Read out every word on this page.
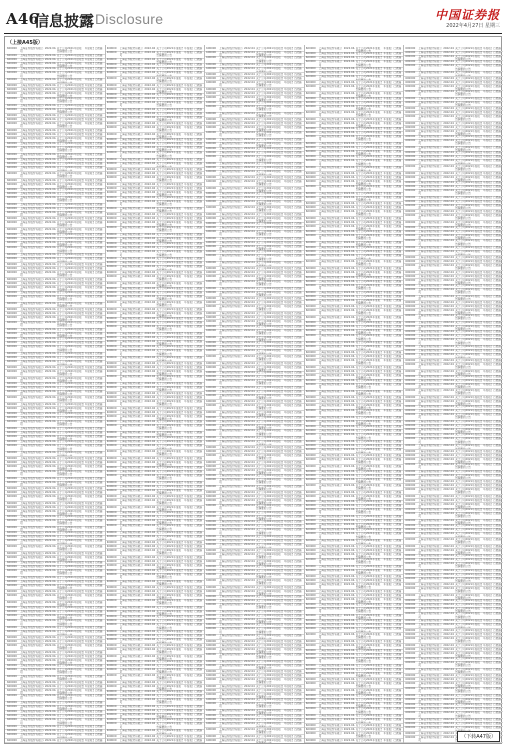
A46
信息披露 Disclosure	中国证券报
2022年4月27日 星期三
（上接A45版）
600000	上海证券股份有限公司
2022.04 关于公司2021年度报告摘要的公告
年度报 已披露
600000	上海证券股份有限公司
2022.04 关于公司2021年度报告 年度报 已披露
600000	上海证券股份有限公司
2022.04 关于公司2021年度报告 年度报 已披露
600000	上海证券股份有限公司
2022.04 关于公司2021年度报告摘要的公告
年度报 已披露
600000	上海证券股份有限公司
2022.04 关于公司2021年度报告 年度报 已披露
600000	上海证券股份有限公司
2022.04 关于公司2021年度报告摘要的公告
年度报 已披露
600000	上海证券股份有限公司
2022.04 关于公司2021年度报告摘要的公告
年度报 已披露
600000	上海证券股份有限公司
2022.04 关于公司2021年度报告 年度报 已披露
600000	上海证券股份有限公司
2022.04 关于公司2021年度报告 年度报 已披露
600000	上海证券股份有限公司
2022.04 关于公司2021年度报告摘要的公告
年度报 已披露
600000	上海证券股份有限公司
2022.04 关于公司2021年度报告摘要的公告
年度报 已披露
600000	上海证券股份有限公司
2022.04 关于公司2021年度报告 年度报 已披露
600000	上海证券股份有限公司
2022.04 关于公司2021年度报告摘要的公告
年度报 已披露
600000	上海证券股份有限公司
2022.04 关于公司2021年度报告 年度报 已披露
600000	上海证券股份有限公司
2022.04 关于公司2021年度报告 年度报 已披露
600000	上海证券股份有限公司
2022.04 关于公司2021年度报告摘要的公告
年度报 已披露
600000	上海证券股份有限公司
2022.04 关于公司2021年度报告 年度报 已披露
600000	上海证券股份有限公司
2022.04 关于公司2021年度报告 年度报 已披露
600000	上海证券股份有限公司
2022.04 关于公司2021年度报告摘要的公告
年度报 已披露
600000	上海证券股份有限公司
2022.04 关于公司2021年度报告 年度报 已披露
600000	上海证券股份有限公司
2022.04 关于公司2021年度报告摘要的公告
年度报 已披露
600000	上海证券股份有限公司
2022.04 关于公司2021年度报告摘要的公告
年度报 已披露
600000	上海证券股份有限公司
2022.04 关于公司2021年度报告 年度报 已披露
600000	上海证券股份有限公司
2022.04 关于公司2021年度报告 年度报 已披露
600000	上海证券股份有限公司
2022.04 关于公司2021年度报告摘要的公告
年度报 已披露
600000	上海证券股份有限公司
2022.04 关于公司2021年度报告摘要的公告
年度报 已披露
600000	上海证券股份有限公司
2022.04 关于公司2021年度报告 年度报 已披露
600000	上海证券股份有限公司
2022.04 关于公司2021年度报告摘要的公告
年度报 已披露
600000	上海证券股份有限公司
2022.04 关于公司2021年度报告 年度报 已披露
600000	上海证券股份有限公司
2022.04 关于公司2021年度报告 年度报 已披露
600000	上海证券股份有限公司
2022.04 关于公司2021年度报告摘要的公告
年度报 已披露
600000	上海证券股份有限公司
2022.04 关于公司2021年度报告 年度报 已披露
600000	上海证券股份有限公司
2022.04 关于公司2021年度报告 年度报 已披露
600000	上海证券股份有限公司
2022.04 关于公司2021年度报告摘要的公告
年度报 已披露
600000	上海证券股份有限公司
2022.04 关于公司2021年度报告 年度报 已披露
600000	上海证券股份有限公司
2022.04 关于公司2021年度报告摘要的公告
年度报 已披露
600000	上海证券股份有限公司
2022.04 关于公司2021年度报告摘要的公告
年度报 已披露
600000	上海证券股份有限公司
2022.04 关于公司2021年度报告 年度报 已披露
600000	上海证券股份有限公司
2022.04 关于公司2021年度报告 年度报 已披露
600000	上海证券股份有限公司
2022.04 关于公司2021年度报告摘要的公告
年度报 已披露
600000	上海证券股份有限公司
2022.04 关于公司2021年度报告摘要的公告
年度报 已披露
600000	上海证券股份有限公司
2022.04 关于公司2021年度报告 年度报 已披露
600000	上海证券股份有限公司
2022.04 关于公司2021年度报告摘要的公告
年度报 已披露
600000	上海证券股份有限公司
2022.04 关于公司2021年度报告 年度报 已披露
600000	上海证券股份有限公司
2022.04 关于公司2021年度报告 年度报 已披露
600000	上海证券股份有限公司
2022.04 关于公司2021年度报告摘要的公告
年度报 已披露
600000	上海证券股份有限公司
2022.04 关于公司2021年度报告 年度报 已披露
600000	上海证券股份有限公司
2022.04 关于公司2021年度报告 年度报 已披露
600000	上海证券股份有限公司
2022.04 关于公司2021年度报告摘要的公告
年度报 已披露
600000	上海证券股份有限公司
2022.04 关于公司2021年度报告 年度报 已披露
600000	上海证券股份有限公司
2022.04 关于公司2021年度报告摘要的公告
年度报 已披露
600000	上海证券股份有限公司
2022.04 关于公司2021年度报告摘要的公告
年度报 已披露
600000	上海证券股份有限公司
2022.04 关于公司2021年度报告 年度报 已披露
600000	上海证券股份有限公司
2022.04 关于公司2021年度报告 年度报 已披露
600000	上海证券股份有限公司
2022.04 关于公司2021年度报告摘要的公告
年度报 已披露
600000	上海证券股份有限公司
2022.04 关于公司2021年度报告摘要的公告
年度报 已披露
600000	上海证券股份有限公司
2022.04 关于公司2021年度报告 年度报 已披露
600000	上海证券股份有限公司
2022.04 关于公司2021年度报告摘要的公告
年度报 已披露
600000	上海证券股份有限公司
2022.04 关于公司2021年度报告 年度报 已披露
600000	上海证券股份有限公司
2022.04 关于公司2021年度报告 年度报 已披露
600000	上海证券股份有限公司
2022.04 关于公司2021年度报告摘要的公告
年度报 已披露
600000	上海证券股份有限公司
2022.04 关于公司2021年度报告 年度报 已披露
600000	上海证券股份有限公司
2022.04 关于公司2021年度报告 年度报 已披露
600000	上海证券股份有限公司
2022.04 关于公司2021年度报告摘要的公告
年度报 已披露
600000	上海证券股份有限公司
2022.04 关于公司2021年度报告 年度报 已披露
600000	上海证券股份有限公司
2022.04 关于公司2021年度报告摘要的公告
年度报 已披露
600000	上海证券股份有限公司
2022.04 关于公司2021年度报告摘要的公告
年度报 已披露
600000	上海证券股份有限公司
2022.04 关于公司2021年度报告 年度报 已披露
600000	上海证券股份有限公司
2022.04 关于公司2021年度报告 年度报 已披露
600000	上海证券股份有限公司
2022.04 关于公司2021年度报告摘要的公告
年度报 已披露
600000	上海证券股份有限公司
2022.04 关于公司2021年度报告摘要的公告
年度报 已披露
600000	上海证券股份有限公司
2022.04 关于公司2021年度报告 年度报 已披露
600000	上海证券股份有限公司
2022.04 关于公司2021年度报告摘要的公告
年度报 已披露
600000	上海证券股份有限公司
2022.04 关于公司2021年度报告 年度报 已披露
600000	上海证券股份有限公司
2022.04 关于公司2021年度报告 年度报 已披露
600000	上海证券股份有限公司
2022.04 关于公司2021年度报告摘要的公告
年度报 已披露
600000	上海证券股份有限公司
2022.04 关于公司2021年度报告 年度报 已披露
600000	上海证券股份有限公司
2022.04 关于公司2021年度报告 年度报 已披露
600000	上海证券股份有限公司
2022.04 关于公司2021年度报告摘要的公告
年度报 已披露
600000	上海证券股份有限公司
2022.04 关于公司2021年度报告 年度报 已披露
600000	上海证券股份有限公司
2022.04 关于公司2021年度报告摘要的公告
年度报 已披露
600000	上海证券股份有限公司
2022.04 关于公司2021年度报告摘要的公告
年度报 已披露
600000	上海证券股份有限公司
2022.04 关于公司2021年度报告 年度报 已披露
600000	上海证券股份有限公司
2022.04 关于公司2021年度报告 年度报 已披露
600000	上海证券股份有限公司
2022.04 关于公司2021年度报告摘要的公告
年度报 已披露
600000	上海证券股份有限公司
2022.04 关于公司2021年度报告摘要的公告
年度报 已披露
600000	上海证券股份有限公司
2022.04 关于公司2021年度报告 年度报 已披露
600000	上海证券股份有限公司
2022.04 关于公司2021年度报告摘要的公告
年度报 已披露
600000	上海证券股份有限公司
2022.04 关于公司2021年度报告 年度报 已披露
600000	上海证券股份有限公司
2022.04 关于公司2021年度报告 年度报 已披露
600000	上海证券股份有限公司
2022.04 关于公司2021年度报告摘要的公告
年度报 已披露
600000	上海证券股份有限公司
2022.04 关于公司2021年度报告 年度报 已披露
600000	上海证券股份有限公司
2022.04 关于公司2021年度报告 年度报 已披露
600000	上海证券股份有限公司
2022.04 关于公司2021年度报告摘要的公告
年度报 已披露
600000	上海证券股份有限公司
2022.04 关于公司2021年度报告 年度报 已披露
600000	上海证券股份有限公司
2022.04 关于公司2021年度报告摘要的公告
年度报 已披露
600000	上海证券股份有限公司
2022.04 关于公司2021年度报告摘要的公告
年度报 已披露
600000	上海证券股份有限公司
2022.04 关于公司2021年度报告 年度报 已披露
600000	上海证券股份有限公司
2022.04 关于公司2021年度报告 年度报 已披露
600000	上海证券股份有限公司
2022.04 关于公司2021年度报告摘要的公告
年度报 已披露
600000	上海证券股份有限公司
2022.04 关于公司2021年度报告摘要的公告
年度报 已披露
600000	上海证券股份有限公司
2022.04 关于公司2021年度报告 年度报 已披露
600000	上海证券股份有限公司
2022.04 关于公司2021年度报告摘要的公告
年度报 已披露
600000	上海证券股份有限公司
2022.04 关于公司2021年度报告 年度报 已披露
600000	上海证券股份有限公司
2022.04 关于公司2021年度报告 年度报 已披露
600000	上海证券股份有限公司
2022.04 关于公司2021年度报告摘要的公告
年度报 已披露
600000	上海证券股份有限公司
2022.04 关于公司2021年度报告 年度报 已披露
600000	上海证券股份有限公司
2022.04 关于公司2021年度报告 年度报 已披露
600000	上海证券股份有限公司
2022.04 关于公司2021年度报告摘要的公告
年度报 已披露
600000	上海证券股份有限公司
2022.04 关于公司2021年度报告 年度报 已披露
600000	上海证券股份有限公司
2022.04 关于公司2021年度报告摘要的公告
年度报 已披露
600000	上海证券股份有限公司
2022.04 关于公司2021年度报告摘要的公告
年度报 已披露
600000	上海证券股份有限公司
2022.04 关于公司2021年度报告 年度报 已披露
600000	上海证券股份有限公司
2022.04 关于公司2021年度报告 年度报 已披露
600000	上海证券股份有限公司
2022.04 关于公司2021年度报告摘要的公告
年度报 已披露
600000	上海证券股份有限公司
2022.04 关于公司2021年度报告摘要的公告
年度报 已披露
600000	上海证券股份有限公司
2022.04 关于公司2021年度报告 年度报 已披露
600000	上海证券股份有限公司
2022.04 关于公司2021年度报告摘要的公告
年度报 已披露
600000	上海证券股份有限公司
2022.04 关于公司2021年度报告 年度报 已披露
600000	上海证券股份有限公司
2022.04 关于公司2021年度报告 年度报 已披露
600000	上海证券股份有限公司
2022.04 关于公司2021年度报告摘要的公告
年度报 已披露
600000	上海证券股份有限公司
2022.04 关于公司2021年度报告 年度报 已披露
600000	上海证券股份有限公司
2022.04 关于公司2021年度报告 年度报 已披露
600000	上海证券股份有限公司
2022.04 关于公司2021年度报告摘要的公告
年度报 已披露
600000	上海证券股份有限公司
2022.04 关于公司2021年度报告 年度报 已披露
600000	上海证券股份有限公司
2022.04 关于公司2021年度报告摘要的公告
年度报 已披露
600000	上海证券股份有限公司
2022.04 关于公司2021年度报告摘要的公告
年度报 已披露
600000	上海证券股份有限公司
2022.04 关于公司2021年度报告 年度报 已披露
600000	上海证券股份有限公司
2022.04 关于公司2021年度报告 年度报 已披露
600000	上海证券股份有限公司
2022.04 关于公司2021年度报告摘要的公告
年度报 已披露
600000	上海证券股份有限公司
2022.04 关于公司2021年度报告摘要的公告
年度报 已披露
600000	上海证券股份有限公司
2022.04 关于公司2021年度报告 年度报 已披露
600000	上海证券股份有限公司
2022.04 关于公司2021年度报告摘要的公告
年度报 已披露
600000	上海证券股份有限公司
2022.04 关于公司2021年度报告 年度报 已披露
600000	上海证券股份有限公司
2022.04 关于公司2021年度报告 年度报 已披露
600000	上海证券股份有限公司
2022.04 关于公司2021年度报告摘要的公告
年度报 已披露
600000	上海证券股份有限公司
2022.04 关于公司2021年度报告 年度报 已披露
600000	上海证券股份有限公司
2022.04 关于公司2021年度报告 年度报 已披露
600000	上海证券股份有限公司
2022.04 关于公司2021年度报告摘要的公告
年度报 已披露
600000	上海证券股份有限公司
2022.04 关于公司2021年度报告 年度报 已披露
600000	上海证券股份有限公司
2022.04 关于公司2021年度报告 年度报 已披露
600000	上海证券股份有限公司
2022.04 关于公司2021年度报告摘要的公告
年度报 已披露
600000	上海证券股份有限公司
2022.04 关于公司2021年度报告摘要的公告
年度报 已披露
600000	上海证券股份有限公司
2022.04 关于公司2021年度报告 年度报 已披露
600000	上海证券股份有限公司
2022.04 关于公司2021年度报告 年度报 已披露
600000	上海证券股份有限公司
2022.04 关于公司2021年度报告摘要的公告
年度报 已披露
600000	上海证券股份有限公司
2022.04 关于公司2021年度报告摘要的公告
年度报 已披露
600000	上海证券股份有限公司
2022.04 关于公司2021年度报告 年度报 已披露
600000	上海证券股份有限公司
2022.04 关于公司2021年度报告摘要的公告
年度报 已披露
600000	上海证券股份有限公司
2022.04 关于公司2021年度报告 年度报 已披露
600000	上海证券股份有限公司
2022.04 关于公司2021年度报告 年度报 已披露
600000	上海证券股份有限公司
2022.04 关于公司2021年度报告摘要的公告
年度报 已披露
600000	上海证券股份有限公司
2022.04 关于公司2021年度报告 年度报 已披露
600000	上海证券股份有限公司
2022.04 关于公司2021年度报告 年度报 已披露
600000	上海证券股份有限公司
2022.04 关于公司2021年度报告摘要的公告
年度报 已披露
600000	上海证券股份有限公司
2022.04 关于公司2021年度报告 年度报 已披露
600000	上海证券股份有限公司
2022.04 关于公司2021年度报告摘要的公告
年度报 已披露
600000	上海证券股份有限公司
2022.04 关于公司2021年度报告摘要的公告
年度报 已披露
600000	上海证券股份有限公司
2022.04 关于公司2021年度报告 年度报 已披露
600000	上海证券股份有限公司
2022.04 关于公司2021年度报告 年度报 已披露
600000	上海证券股份有限公司
2022.04 关于公司2021年度报告摘要的公告
年度报 已披露
600000	上海证券股份有限公司
2022.04 关于公司2021年度报告摘要的公告
年度报 已披露
600000	上海证券股份有限公司
2022.04 关于公司2021年度报告 年度报 已披露
600000	上海证券股份有限公司
2022.04 关于公司2021年度报告摘要的公告
年度报 已披露
600000	上海证券股份有限公司
2022.04 关于公司2021年度报告 年度报 已披露
600000	上海证券股份有限公司
2022.04 关于公司2021年度报告 年度报 已披露
600000	上海证券股份有限公司
2022.04 关于公司2021年度报告摘要的公告
年度报 已披露
600000	上海证券股份有限公司
2022.04 关于公司2021年度报告 年度报 已披露
600000	上海证券股份有限公司
2022.04 关于公司2021年度报告 年度报 已披露
600000	上海证券股份有限公司
2022.04 关于公司2021年度报告摘要的公告
年度报 已披露
600000	上海证券股份有限公司
2022.04 关于公司2021年度报告 年度报 已披露
600000	上海证券股份有限公司
2022.04 关于公司2021年度报告摘要的公告
年度报 已披露
600000	上海证券股份有限公司
2022.04 关于公司2021年度报告摘要的公告
年度报 已披露
600000	上海证券股份有限公司
2022.04 关于公司2021年度报告 年度报 已披露
600000	上海证券股份有限公司
2022.04 关于公司2021年度报告 年度报 已披露
600000	上海证券股份有限公司
2022.04 关于公司2021年度报告摘要的公告
年度报 已披露
600000	上海证券股份有限公司
2022.04 关于公司2021年度报告摘要的公告
年度报 已披露
600000	上海证券股份有限公司
2022.04 关于公司2021年度报告 年度报 已披露
600000	上海证券股份有限公司
2022.04 关于公司2021年度报告摘要的公告
年度报 已披露
600000	上海证券股份有限公司
2022.04 关于公司2021年度报告 年度报 已披露
600000	上海证券股份有限公司
2022.04 关于公司2021年度报告 年度报 已披露
600000	上海证券股份有限公司
2022.04 关于公司2021年度报告摘要的公告
年度报 已披露
600000	上海证券股份有限公司
2022.04 关于公司2021年度报告 年度报 已披露
600000	上海证券股份有限公司
2022.04 关于公司2021年度报告 年度报 已披露
600000	上海证券股份有限公司
2022.04 关于公司2021年度报告摘要的公告
年度报 已披露
600000	上海证券股份有限公司
2022.04 关于公司2021年度报告 年度报 已披露
600000	上海证券股份有限公司
2022.04 关于公司2021年度报告摘要的公告
年度报 已披露
600000	上海证券股份有限公司
2022.04 关于公司2021年度报告摘要的公告
年度报 已披露
600000	上海证券股份有限公司
2022.04 关于公司2021年度报告 年度报 已披露
600000	上海证券股份有限公司
2022.04 关于公司2021年度报告 年度报 已披露
600000	上海证券股份有限公司
2022.04 关于公司2021年度报告摘要的公告
年度报 已披露
600000	上海证券股份有限公司
2022.04 关于公司2021年度报告摘要的公告
年度报 已披露
600000	上海证券股份有限公司
2022.04 关于公司2021年度报告 年度报 已披露
600000	上海证券股份有限公司
2022.04 关于公司2021年度报告摘要的公告
年度报 已披露
600000	上海证券股份有限公司
2022.04 关于公司2021年度报告 年度报 已披露
600000	上海证券股份有限公司
2022.04 关于公司2021年度报告 年度报 已披露
600000	上海证券股份有限公司
2022.04 关于公司2021年度报告摘要的公告
年度报 已披露
600000	上海证券股份有限公司
2022.04 关于公司2021年度报告 年度报 已披露
600000	上海证券股份有限公司
2022.04 关于公司2021年度报告 年度报 已披露
600000	上海证券股份有限公司
2022.04 关于公司2021年度报告摘要的公告
年度报 已披露
600000	上海证券股份有限公司
2022.04 关于公司2021年度报告 年度报 已披露
600000	上海证券股份有限公司
2022.04 关于公司2021年度报告摘要的公告
年度报 已披露
600000	上海证券股份有限公司
2022.04 关于公司2021年度报告摘要的公告
年度报 已披露
600000	上海证券股份有限公司
2022.04 关于公司2021年度报告 年度报 已披露
600000	上海证券股份有限公司
2022.04 关于公司2021年度报告 年度报 已披露
600000	上海证券股份有限公司
2022.04 关于公司2021年度报告摘要的公告
年度报 已披露
600000	上海证券股份有限公司
2022.04 关于公司2021年度报告摘要的公告
年度报 已披露
600000	上海证券股份有限公司
2022.04 关于公司2021年度报告 年度报 已披露
600000	上海证券股份有限公司
2022.04 关于公司2021年度报告摘要的公告
年度报 已披露
600000	上海证券股份有限公司
2022.04 关于公司2021年度报告 年度报 已披露
600000	上海证券股份有限公司
2022.04 关于公司2021年度报告 年度报 已披露
600000	上海证券股份有限公司
2022.04 关于公司2021年度报告摘要的公告
年度报 已披露
600000	上海证券股份有限公司
2022.04 关于公司2021年度报告 年度报 已披露
600000	上海证券股份有限公司
2022.04 关于公司2021年度报告 年度报 已披露
600000	上海证券股份有限公司
2022.04 关于公司2021年度报告摘要的公告
年度报 已披露
600000	上海证券股份有限公司
2022.04 关于公司2021年度报告 年度报 已披露
600000	上海证券股份有限公司
2022.04 关于公司2021年度报告摘要的公告
年度报 已披露
600000	上海证券股份有限公司
2022.04 关于公司2021年度报告摘要的公告
年度报 已披露
600000	上海证券股份有限公司
2022.04 关于公司2021年度报告 年度报 已披露
600000	上海证券股份有限公司
2022.04 关于公司2021年度报告 年度报 已披露
600000	上海证券股份有限公司
2022.04 关于公司2021年度报告摘要的公告
年度报 已披露
600000	上海证券股份有限公司
2022.04 关于公司2021年度报告摘要的公告
年度报 已披露
600000	上海证券股份有限公司
2022.04 关于公司2021年度报告 年度报 已披露
600000	上海证券股份有限公司
2022.04 关于公司2021年度报告摘要的公告
年度报 已披露
600000	上海证券股份有限公司
2022.04 关于公司2021年度报告 年度报 已披露
600000	上海证券股份有限公司
2022.04 关于公司2021年度报告 年度报 已披露
600000	上海证券股份有限公司
2022.04 关于公司2021年度报告摘要的公告
年度报 已披露
600000	上海证券股份有限公司
2022.04 关于公司2021年度报告 年度报 已披露
600000	上海证券股份有限公司
2022.04 关于公司2021年度报告 年度报 已披露
600000	上海证券股份有限公司
2022.04 关于公司2021年度报告摘要的公告
年度报 已披露
600000	上海证券股份有限公司
2022.04 关于公司2021年度报告 年度报 已披露
600000	上海证券股份有限公司
2022.04 关于公司2021年度报告摘要的公告
年度报 已披露
600000	上海证券股份有限公司
2022.04 关于公司2021年度报告摘要的公告
年度报 已披露
600000	上海证券股份有限公司
2022.04 关于公司2021年度报告 年度报 已披露
600000	上海证券股份有限公司
2022.04 关于公司2021年度报告 年度报 已披露
600000	上海证券股份有限公司
2022.04 关于公司2021年度报告摘要的公告
年度报 已披露
600000	上海证券股份有限公司
2022.04 关于公司2021年度报告摘要的公告
年度报 已披露
600000	上海证券股份有限公司
2022.04 关于公司2021年度报告 年度报 已披露
600000	上海证券股份有限公司
2022.04 关于公司2021年度报告摘要的公告
年度报 已披露
600000	上海证券股份有限公司
2022.04 关于公司2021年度报告 年度报 已披露
600000	上海证券股份有限公司
2022.04 关于公司2021年度报告 年度报 已披露
600000	上海证券股份有限公司
2022.04 关于公司2021年度报告摘要的公告
年度报 已披露
600000	上海证券股份有限公司
2022.04 关于公司2021年度报告 年度报 已披露
600000	上海证券股份有限公司
2022.04 关于公司2021年度报告 年度报 已披露
600000	上海证券股份有限公司
2022.04 关于公司2021年度报告摘要的公告
年度报 已披露
600000	上海证券股份有限公司
2022.04 关于公司2021年度报告 年度报 已披露
600000	上海证券股份有限公司
2022.04 关于公司2021年度报告摘要的公告
年度报 已披露
600000	上海证券股份有限公司
2022.04 关于公司2021年度报告摘要的公告
年度报 已披露
600000	上海证券股份有限公司
2022.04 关于公司2021年度报告 年度报 已披露
600000	上海证券股份有限公司
2022.04 关于公司2021年度报告 年度报 已披露
600000	上海证券股份有限公司
2022.04 关于公司2021年度报告摘要的公告
年度报 已披露
600000	上海证券股份有限公司
2022.04 关于公司2021年度报告摘要的公告
年度报 已披露
600000	上海证券股份有限公司
2022.04 关于公司2021年度报告 年度报 已披露
600000	上海证券股份有限公司
2022.04 关于公司2021年度报告摘要的公告
年度报 已披露
600000	上海证券股份有限公司
2022.04 关于公司2021年度报告 年度报 已披露
600000	上海证券股份有限公司
2022.04 关于公司2021年度报告 年度报 已披露
600000	上海证券股份有限公司
2022.04 关于公司2021年度报告摘要的公告
年度报 已披露
600000	上海证券股份有限公司
2022.04 关于公司2021年度报告 年度报 已披露
600000	上海证券股份有限公司
2022.04 关于公司2021年度报告 年度报 已披露
600000	上海证券股份有限公司
2022.04 关于公司2021年度报告摘要的公告
年度报 已披露
600000	上海证券股份有限公司
2022.04 关于公司2021年度报告 年度报 已披露
600000	上海证券股份有限公司
2022.04 关于公司2021年度报告摘要的公告
年度报 已披露
600000	上海证券股份有限公司
2022.04 关于公司2021年度报告摘要的公告
年度报 已披露
600000	上海证券股份有限公司
2022.04 关于公司2021年度报告 年度报 已披露
600000	上海证券股份有限公司
2022.04 关于公司2021年度报告 年度报 已披露
600000	上海证券股份有限公司
2022.04 关于公司2021年度报告摘要的公告
年度报 已披露
600000	上海证券股份有限公司
2022.04 关于公司2021年度报告摘要的公告
年度报 已披露
600000	上海证券股份有限公司
2022.04 关于公司2021年度报告 年度报 已披露
600000	上海证券股份有限公司
2022.04 关于公司2021年度报告摘要的公告
年度报 已披露
600000	上海证券股份有限公司
2022.04 关于公司2021年度报告 年度报 已披露
600000	上海证券股份有限公司
2022.04 关于公司2021年度报告 年度报 已披露
600000	上海证券股份有限公司
2022.04 关于公司2021年度报告摘要的公告
年度报 已披露
600000	上海证券股份有限公司
2022.04 关于公司2021年度报告 年度报 已披露
600000	上海证券股份有限公司
2022.04 关于公司2021年度报告 年度报 已披露
600000	上海证券股份有限公司
2022.04 关于公司2021年度报告摘要的公告
年度报 已披露
600000	上海证券股份有限公司
2022.04 关于公司2021年度报告 年度报 已披露
600000	上海证券股份有限公司
2022.04 关于公司2021年度报告摘要的公告
年度报 已披露
600000	上海证券股份有限公司
2022.04 关于公司2021年度报告摘要的公告
年度报 已披露
600000	上海证券股份有限公司
2022.04 关于公司2021年度报告 年度报 已披露
600000	上海证券股份有限公司
2022.04 关于公司2021年度报告 年度报 已披露
600000	上海证券股份有限公司
2022.04 关于公司2021年度报告 年度报 已披露
600000	上海证券股份有限公司
2022.04 关于公司2021年度报告摘要的公告
年度报 已披露
600000	上海证券股份有限公司
2022.04 关于公司2021年度报告摘要的公告
年度报 已披露
600000	上海证券股份有限公司
2022.04 关于公司2021年度报告 年度报 已披露
600000	上海证券股份有限公司
2022.04 关于公司2021年度报告摘要的公告
年度报 已披露
600000	上海证券股份有限公司
2022.04 关于公司2021年度报告 年度报 已披露
600000	上海证券股份有限公司
2022.04 关于公司2021年度报告 年度报 已披露
600000	上海证券股份有限公司
2022.04 关于公司2021年度报告摘要的公告
年度报 已披露
600000	上海证券股份有限公司
2022.04 关于公司2021年度报告 年度报 已披露
600000	上海证券股份有限公司
2022.04 关于公司2021年度报告 年度报 已披露
600000	上海证券股份有限公司
2022.04 关于公司2021年度报告摘要的公告
年度报 已披露
600000	上海证券股份有限公司
2022.04 关于公司2021年度报告 年度报 已披露
600000	上海证券股份有限公司
2022.04 关于公司2021年度报告摘要的公告
年度报 已披露
600000	上海证券股份有限公司
2022.04 关于公司2021年度报告摘要的公告
年度报 已披露
600000	上海证券股份有限公司
2022.04 关于公司2021年度报告 年度报 已披露
600000	上海证券股份有限公司
2022.04 关于公司2021年度报告 年度报 已披露
600000	上海证券股份有限公司
2022.04 关于公司2021年度报告摘要的公告
年度报 已披露
600000	上海证券股份有限公司
2022.04 关于公司2021年度报告摘要的公告
年度报 已披露
600000	上海证券股份有限公司
2022.04 关于公司2021年度报告 年度报 已披露
600000	上海证券股份有限公司
2022.04 关于公司2021年度报告摘要的公告
年度报 已披露
600000	上海证券股份有限公司
2022.04 关于公司2021年度报告 年度报 已披露
600000	上海证券股份有限公司
2022.04 关于公司2021年度报告 年度报 已披露
600000	上海证券股份有限公司
2022.04 关于公司2021年度报告摘要的公告
年度报 已披露
600000	上海证券股份有限公司
2022.04 关于公司2021年度报告 年度报 已披露
600000	上海证券股份有限公司
2022.04 关于公司2021年度报告 年度报 已披露
600000	上海证券股份有限公司
2022.04 关于公司2021年度报告摘要的公告
年度报 已披露
600000	上海证券股份有限公司
2022.04 关于公司2021年度报告 年度报 已披露
600000	上海证券股份有限公司
2022.04 关于公司2021年度报告摘要的公告
年度报 已披露
600000	上海证券股份有限公司
2022.04 关于公司2021年度报告摘要的公告
年度报 已披露
600000	上海证券股份有限公司
2022.04 关于公司2021年度报告 年度报 已披露
600000	上海证券股份有限公司
2022.04 关于公司2021年度报告 年度报 已披露
600000	上海证券股份有限公司
2022.04 关于公司2021年度报告摘要的公告
年度报 已披露
600000	上海证券股份有限公司
2022.04 关于公司2021年度报告摘要的公告
年度报 已披露
600000	上海证券股份有限公司
2022.04 关于公司2021年度报告 年度报 已披露
600000	上海证券股份有限公司
2022.04 关于公司2021年度报告摘要的公告
年度报 已披露
600000	上海证券股份有限公司
2022.04 关于公司2021年度报告 年度报 已披露
600000	上海证券股份有限公司
2022.04 关于公司2021年度报告 年度报 已披露
600000	上海证券股份有限公司
2022.04 关于公司2021年度报告摘要的公告
年度报 已披露
600000	上海证券股份有限公司
2022.04 关于公司2021年度报告 年度报 已披露
600000	上海证券股份有限公司
2022.04 关于公司2021年度报告 年度报 已披露
600000	上海证券股份有限公司
2022.04 关于公司2021年度报告摘要的公告
年度报 已披露
600000	上海证券股份有限公司
2022.04 关于公司2021年度报告 年度报 已披露
600000	上海证券股份有限公司
2022.04 关于公司2021年度报告摘要的公告
年度报 已披露
600000	上海证券股份有限公司
2022.04 关于公司2021年度报告摘要的公告
年度报 已披露
600000	上海证券股份有限公司
2022.04 关于公司2021年度报告 年度报 已披露
600000	上海证券股份有限公司
2022.04 关于公司2021年度报告 年度报 已披露
600000	上海证券股份有限公司
2022.04 关于公司2021年度报告摘要的公告
年度报 已披露
600000	上海证券股份有限公司
2022.04 关于公司2021年度报告摘要的公告
年度报 已披露
600000	上海证券股份有限公司
2022.04 关于公司2021年度报告 年度报 已披露
600000	上海证券股份有限公司
2022.04 关于公司2021年度报告摘要的公告
年度报 已披露
600000	上海证券股份有限公司
2022.04 关于公司2021年度报告 年度报 已披露
600000	上海证券股份有限公司
2022.04 关于公司2021年度报告 年度报 已披露
600000	上海证券股份有限公司
2022.04 关于公司2021年度报告摘要的公告
年度报 已披露
600000	上海证券股份有限公司
2022.04 关于公司2021年度报告 年度报 已披露
600000	上海证券股份有限公司
2022.04 关于公司2021年度报告 年度报 已披露
600000	上海证券股份有限公司
2022.04 关于公司2021年度报告摘要的公告
年度报 已披露
600000	上海证券股份有限公司
2022.04 关于公司2021年度报告 年度报 已披露
600000	上海证券股份有限公司
2022.04 关于公司2021年度报告摘要的公告
年度报 已披露
600000	上海证券股份有限公司
2022.04 关于公司2021年度报告摘要的公告
年度报 已披露
600000	上海证券股份有限公司
2022.04 关于公司2021年度报告 年度报 已披露
600000	上海证券股份有限公司
2022.04 关于公司2021年度报告 年度报 已披露
600000	上海证券股份有限公司
2022.04 关于公司2021年度报告摘要的公告
年度报 已披露
600000	上海证券股份有限公司
2022.04 关于公司2021年度报告摘要的公告
年度报 已披露
600000	上海证券股份有限公司
2022.04 关于公司2021年度报告 年度报 已披露
600000	上海证券股份有限公司
2022.04 关于公司2021年度报告摘要的公告
年度报 已披露
600000	上海证券股份有限公司
2022.04 关于公司2021年度报告 年度报 已披露
600000	上海证券股份有限公司
2022.04 关于公司2021年度报告 年度报 已披露
600000	上海证券股份有限公司
2022.04 关于公司2021年度报告摘要的公告
年度报 已披露
600000	上海证券股份有限公司
2022.04 关于公司2021年度报告 年度报 已披露
600000	上海证券股份有限公司
2022.04 关于公司2021年度报告 年度报 已披露
600000	上海证券股份有限公司
2022.04 关于公司2021年度报告摘要的公告
年度报 已披露
600000	上海证券股份有限公司
2022.04 关于公司2021年度报告 年度报 已披露
600000	上海证券股份有限公司
2022.04 关于公司2021年度报告摘要的公告
年度报 已披露
600000	上海证券股份有限公司
2022.04 关于公司2021年度报告摘要的公告
年度报 已披露
600000	上海证券股份有限公司
2022.04 关于公司2021年度报告 年度报 已披露
600000	上海证券股份有限公司
2022.04 关于公司2021年度报告 年度报 已披露
600000	上海证券股份有限公司
2022.04 关于公司2021年度报告摘要的公告
年度报 已披露
600000	上海证券股份有限公司
2022.04 关于公司2021年度报告摘要的公告
年度报 已披露
600000	上海证券股份有限公司
2022.04 关于公司2021年度报告 年度报 已披露
600000	上海证券股份有限公司
2022.04 关于公司2021年度报告摘要的公告
年度报 已披露
600000	上海证券股份有限公司
2022.04 关于公司2021年度报告 年度报 已披露
600000	上海证券股份有限公司
2022.04 关于公司2021年度报告 年度报 已披露
600000	上海证券股份有限公司
2022.04 关于公司2021年度报告摘要的公告
年度报 已披露
600000	上海证券股份有限公司
2022.04 关于公司2021年度报告 年度报 已披露
600000	上海证券股份有限公司
2022.04 关于公司2021年度报告 年度报 已披露
600000	上海证券股份有限公司
2022.04 关于公司2021年度报告摘要的公告
年度报 已披露
600000	上海证券股份有限公司
2022.04 关于公司2021年度报告 年度报 已披露
600000	上海证券股份有限公司
2022.04 关于公司2021年度报告摘要的公告
年度报 已披露
600000	上海证券股份有限公司
2022.04 关于公司2021年度报告摘要的公告
年度报 已披露
600000	上海证券股份有限公司
2022.04 关于公司2021年度报告 年度报 已披露
600000	上海证券股份有限公司
2022.04 关于公司2021年度报告 年度报 已披露
600000	上海证券股份有限公司
2022.04 关于公司2021年度报告摘要的公告
年度报 已披露
600000	上海证券股份有限公司
2022.04 关于公司2021年度报告摘要的公告
年度报 已披露
600000	上海证券股份有限公司
2022.04 关于公司2021年度报告 年度报 已披露
600000	上海证券股份有限公司
2022.04 关于公司2021年度报告摘要的公告
年度报 已披露
600000	上海证券股份有限公司
2022.04 关于公司2021年度报告 年度报 已披露
600000	上海证券股份有限公司
2022.04 关于公司2021年度报告 年度报 已披露
600000	上海证券股份有限公司
2022.04 关于公司2021年度报告摘要的公告
年度报 已披露
600000	上海证券股份有限公司
2022.04 关于公司2021年度报告 年度报 已披露
600000	上海证券股份有限公司
2022.04 关于公司2021年度报告 年度报 已披露
600000	上海证券股份有限公司
2022.04 关于公司2021年度报告摘要的公告
年度报 已披露
600000	上海证券股份有限公司
2022.04 关于公司2021年度报告 年度报 已披露
600000	上海证券股份有限公司
2022.04 关于公司2021年度报告摘要的公告
年度报 已披露
600000	上海证券股份有限公司
2022.04 关于公司2021年度报告摘要的公告
年度报 已披露
600000	上海证券股份有限公司
2022.04 关于公司2021年度报告 年度报 已披露
600000	上海证券股份有限公司
2022.04 关于公司2021年度报告 年度报 已披露
600000	上海证券股份有限公司
2022.04 关于公司2021年度报告摘要的公告
年度报 已披露
600000	上海证券股份有限公司
2022.04 关于公司2021年度报告摘要的公告
年度报 已披露
600000	上海证券股份有限公司
2022.04 关于公司2021年度报告 年度报 已披露
600000	上海证券股份有限公司
2022.04 关于公司2021年度报告摘要的公告
年度报 已披露
600000	上海证券股份有限公司
2022.04 关于公司2021年度报告 年度报 已披露
600000	上海证券股份有限公司
2022.04 关于公司2021年度报告 年度报 已披露
600000	上海证券股份有限公司
2022.04 关于公司2021年度报告摘要的公告
年度报 已披露
600000	上海证券股份有限公司
2022.04 关于公司2021年度报告 年度报 已披露
600000	上海证券股份有限公司
2022.04 关于公司2021年度报告 年度报 已披露
600000	上海证券股份有限公司
2022.04 关于公司2021年度报告摘要的公告
年度报 已披露
600000	上海证券股份有限公司
2022.04 关于公司2021年度报告 年度报 已披露
600000	上海证券股份有限公司
2022.04 关于公司2021年度报告摘要的公告
年度报 已披露
600000	上海证券股份有限公司
2022.04 关于公司2021年度报告摘要的公告
年度报 已披露
600000	上海证券股份有限公司
2022.04 关于公司2021年度报告 年度报 已披露
600000	上海证券股份有限公司
2022.04 关于公司2021年度报告 年度报 已披露
600000	上海证券股份有限公司
2022.04 关于公司2021年度报告摘要的公告
年度报 已披露
600000	上海证券股份有限公司
2022.04 关于公司2021年度报告摘要的公告
年度报 已披露
600000	上海证券股份有限公司
2022.04 关于公司2021年度报告 年度报 已披露
600000	上海证券股份有限公司
2022.04 关于公司2021年度报告摘要的公告
年度报 已披露
600000	上海证券股份有限公司
2022.04 关于公司2021年度报告 年度报 已披露
600000	上海证券股份有限公司
2022.04 关于公司2021年度报告 年度报 已披露
600000	上海证券股份有限公司
2022.04 关于公司2021年度报告摘要的公告
年度报 已披露
600000	上海证券股份有限公司
2022.04 关于公司2021年度报告 年度报 已披露
600000	上海证券股份有限公司
2022.04 关于公司2021年度报告 年度报 已披露
600000	上海证券股份有限公司
2022.04 关于公司2021年度报告摘要的公告
年度报 已披露
600000	上海证券股份有限公司
2022.04 关于公司2021年度报告 年度报 已披露
600000	上海证券股份有限公司
2022.04 关于公司2021年度报告摘要的公告
年度报 已披露
600000	上海证券股份有限公司
2022.04 关于公司2021年度报告摘要的公告
年度报 已披露
600000	上海证券股份有限公司
2022.04 关于公司2021年度报告 年度报 已披露
600000	上海证券股份有限公司
2022.04 关于公司2021年度报告 年度报 已披露
600000	上海证券股份有限公司
2022.04 关于公司2021年度报告摘要的公告
年度报 已披露
600000	上海证券股份有限公司
2022.04 关于公司2021年度报告摘要的公告
年度报 已披露
600000	上海证券股份有限公司
2022.04 关于公司2021年度报告 年度报 已披露
600000	上海证券股份有限公 2022.04 关于公司2021年度报	年度报 已披露
600000	上海证券股份有限公司
2022.04 关于公司2021年度报告摘要的公告
年度报 已披露
600000	上海证券股份有限公司
2022.04 关于公司2021年度报告 年度报 已披露
600000	上海证券股份有限公司
2022.04 关于公司2021年度报告 年度报 已披露
600000	上海证券股份有限公司
2022.04 关于公司2021年度报告摘要的公告
年度报 已披露
600000	上海证券股份有限公司
2022.04 关于公司2021年度报告 年度报 已披露
600000	上海证券股份有限公司
2022.04 关于公司2021年度报告 年度报 已披露
600000	上海证券股份有限公司
2022.04 关于公司2021年度报告摘要的公告
年度报 已披露
600000	上海证券股份有限公司
2022.04 关于公司2021年度报告 年度报 已披露
600000	上海证券股份有限公司
2022.04 关于公司2021年度报告摘要的公告
年度报 已披露
600000	上海证券股份有限公司
2022.04 关于公司2021年度报告摘要的公告
年度报 已披露
600000	上海证券股份有限公司
2022.04 关于公司2021年度报告 年度报 已披露
600000	上海证券股份有限公司
2022.04 关于公司2021年度报告 年度报 已披露
600000	上海证券股份有限公司
2022.04 关于公司2021年度报告摘要的公告
年度报 已披露
600000	上海证券股份有限公司
2022.04 关于公司2021年度报告摘要的公告
年度报 已披露
600000	上海证券股份有限公司
2022.04 关于公司2021年度报告 年度报 已披露
600000	上海证券股份有限公司
2022.04 关于公司2021年度报告摘要的公告
年度报 已披露
600000	上海证券股份有限公司
2022.04 关于公司2021年度报告 年度报 已披露
600000	上海证券股份有限公司
2022.04 关于公司2021年度报告 年度报 已披露
600000	上海证券股份有限公司
2022.04 关于公司2021年度报告摘要的公告
年度报 已披露
600000	上海证券股份有限公司
2022.04 关于公司2021年度报告 年度报 已披露
600000	上海证券股份有限公司
2022.04 关于公司2021年度报告 年度报 已披露
600000	上海证券股份有限公司
2022.04 关于公司2021年度报告摘要的公告
年度报 已披露
600000	上海证券股份有限公司
2022.04 关于公司2021年度报告 年度报 已披露
600000	上海证券股份有限公司
2022.04 关于公司2021年度报告摘要的公告
年度报 已披露
600000	上海证券股份有限公司
2022.04 关于公司2021年度报告摘要的公告
年度报 已披露
600000	上海证券股份有限公司
2022.04 关于公司2021年度报告 年度报 已披露
600000	上海证券股份有限公司
2022.04 关于公司2021年度报告 年度报 已披露
600000	上海证券股份有限公司
2022.04 关于公司2021年度报告摘要的公告
年度报 已披露
600000	上海证券股份有限公司
2022.04 关于公司2021年度报告摘要的公告
年度报 已披露
600000	上海证券股份有限公司
2022.04 关于公司2021年度报告 年度报 已披露
600000	上海证券股份有限公司
2022.04 关于公司2021年度报告摘要的公告
年度报 已披露
600000	上海证券股份有限公司
2022.04 关于公司2021年度报告 年度报 已披露
600000	上海证券股份有限公司
2022.04 关于公司2021年度报告 年度报 已披露
600000	上海证券股份有限公司
2022.04 关于公司2021年度报告摘要的公告
年度报 已披露
600000	上海证券股份有限公司
2022.04 关于公司2021年度报告 年度报 已披露
600000	上海证券股份有限公司
2022.04 关于公司2021年度报告 年度报 已披露
600000	上海证券股份有限公司
2022.04 关于公司2021年度报告摘要的公告
年度报 已披露
600000	上海证券股份有限公司
2022.04 关于公司2021年度报告 年度报 已披露
600000	上海证券股份有限公司
2022.04 关于公司2021年度报告摘要的公告
年度报 已披露
600000	上海证券股份有限公司
2022.04 关于公司2021年度报告摘要的公告
年度报 已披露
600000	上海证券股份有限公司
2022.04 关于公司2021年度报告 年度报 已披露
600000	上海证券股份有限公司
2022.04 关于公司2021年度报告 年度报 已披露
600000	上海证券股份有限公司
2022.04 关于公司2021年度报告摘要的公告
年度报 已披露
600000	上海证券股份有限公司
2022.04 关于公司2021年度报告摘要的公告
年度报 已披露
600000	上海证券股份有限公司
2022.04 关于公司2021年度报告 年度报 已披露
600000	上海证券股份有限公司
2022.04 关于公司2021年度报告摘要的公告
年度报 已披露
600000	上海证券股份有限公司
2022.04 关于公司2021年度报告 年度报 已披露
600000	上海证券股份有限公司
2022.04 关于公司2021年度报告 年度报 已披露
600000	上海证券股份有限公司
2022.04 关于公司2021年度报告摘要的公告
年度报 已披露
600000	上海证券股份有限公司
2022.04 关于公司2021年度报告 年度报 已披露
600000	上海证券股份有限公司
2022.04 关于公司2021年度报告 年度报 已披露
600000	上海证券股份有限公司
2022.04 关于公司2021年度报告摘要的公告
年度报 已披露
600000	上海证券股份有限公司
2022.04 关于公司2021年度报告 年度报 已披露
600000	上海证券股份有限公司
2022.04 关于公司2021年度报告摘要的公告
年度报 已披露
600000	上海证券股份有限公司
2022.04 关于公司2021年度报告摘要的公告
年度报 已披露
600000	上海证券股份有限公司
2022.04 关于公司2021年度报告 年度报 已披露
600000	上海证券股份有限公司
2022.04 关于公司2021年度报告 年度报 已披露
600000	上海证券股份有限公司
2022.04 关于公司2021年度报告摘要的公告
年度报 已披露
600000	上海证券股份有限公司
2022.04 关于公司2021年度报告摘要的公告
年度报 已披露
600000	上海证券股份有限公司
2022.04 关于公司2021年度报告 年度报 已披露
600000	上海证券股份有限公司
2022.04 关于公司2021年度报告摘要的公告
年度报 已披露
600000	上海证券股份有限公司
2022.04 关于公司2021年度报告 年度报 已披露
600000	上海证券股份有限公司
2022.04 关于公司2021年度报告 年度报 已披露
600000	上海证券股份有限公司
2022.04 关于公司2021年度报告摘要的公告
年度报 已披露
600000	上海证券股份有限公司
2022.04 关于公司2021年度报告 年度报 已披露
600000	上海证券股份有限公司
2022.04 关于公司2021年度报告 年度报 已披露
600000	上海证券股份有限公司
2022.04 关于公司2021年度报告摘要的公告
年度报 已披露
600000	上海证券股份有限公司
2022.04 关于公司2021年度报告 年度报 已披露
600000	上海证券股份有限公司
2022.04 关于公司2021年度报告摘要的公告
年度报 已披露
600000	上海证券股份有限公司
2022.04 关于公司2021年度报告摘要的公告
年度报 已披露
600000	上海证券股份有限公司
2022.04 关于公司2021年度报告 年度报 已披露
600000	上海证券股份有限公司
2022.04 关于公司2021年度报告 年度报 已披露
600000	上海证券股份有限公司
2022.04 关于公司2021年度报告摘要的公告
年度报 已披露
600000	上海证券股份有限公司
2022.04 关于公司2021年度报告摘要的公告
年度报 已披露
600000	上海证券股份有限公司
2022.04 关于公司2021年度报告 年度报 已披露
600000	上海证券股份有限公司
2022.04 关于公司2021年度报告摘要的公告
年度报 已披露
600000	上海证券股份有限公司
2022.04 关于公司2021年度报告 年度报 已披露
600000	上海证券股份有限公司
2022.04 关于公司2021年度报告 年度报 已披露
600000	上海证券股份有限公司
2022.04 关于公司2021年度报告摘要的公告
年度报 已披露
600000	上海证券股份有限公司
2022.04 关于公司2021年度报告 年度报 已披露
600000	上海证券股份有限公司
2022.04 关于公司2021年度报告 年度报 已披露
600000	上海证券股份有限公司
2022.04 关于公司2021年度报告摘要的公告
年度报 已披露
600000	上海证券股份有限公司
2022.04 关于公司2021年度报告 年度报 已披露
600000	上海证券股份有限公司
2022.04 关于公司2021年度报告摘要的公告
年度报 已披露
600000	上海证券股份有限公司
2022.04 关于公司2021年度报告摘要的公告
年度报 已披露
600000	上海证券股份有限公司
2022.04 关于公司2021年度报告 年度报 已披露
600000	上海证券股份有限公司
2022.04 关于公司2021年度报告 年度报 已披露
600000	上海证券股份有限公司
2022.04 关于公司2021年度报告摘要的公告
年度报 已披露
600000	上海证券股份有限公司
2022.04 关于公司2021年度报告摘要的公告
年度报 已披露
600000	上海证券股份有限公司
2022.04 关于公司2021年度报告 年度报 已披露
600000	上海证券股份有限公司
2022.04 关于公司2021年度报告摘要的公告
年度报 已披露
600000	上海证券股份有限公司
2022.04 关于公司2021年度报告 年度报 已披露
600000	上海证券股份有限公司
2022.04 关于公司2021年度报告 年度报 已披露
600000	上海证券股份有限公司
2022.04 关于公司2021年度报告摘要的公告
年度报 已披露
600000	上海证券股份有限公司
2022.04 关于公司2021年度报告 年度报 已披露
600000	上海证券股份有限公司
2022.04 关于公司2021年度报告 年度报 已披露
600000	上海证券股份有限公司
2022.04 关于公司2021年度报告摘要的公告
年度报 已披露
600000	上海证券股份有限公司
2022.04 关于公司2021年度报告 年度报 已披露
600000	上海证券股份有限公司
2022.04 关于公司2021年度报告摘要的公告
年度报 已披露
600000	上海证券股份有限公司
2022.04 关于公司2021年度报告摘要的公告
年度报 已披露
600000	上海证券股份有限公司
2022.04 关于公司2021年度报告 年度报 已披露
600000	上海证券股份有限公司
2022.04 关于公司2021年度报告 年度报 已披露
600000	上海证券股份有限公司
2022.04 关于公司2021年度报告摘要的公告
年度报 已披露
600000	上海证券股份有限公司
2022.04 关于公司2021年度报告摘要的公告
年度报 已披露
600000	上海证券股份有限公司
2022.04 关于公司2021年度报告 年度报 已披露
600000	上海证券股份有限公司
2022.04 关于公司2021年度报告摘要的公告
年度报 已披露
600000	上海证券股份有限公司
2022.04 关于公司2021年度报告 年度报 已披露
600000	上海证券股份有限公司
2022.04 关于公司2021年度报告 年度报 已披露
600000	上海证券股份有限公司
2022.04 关于公司2021年度报告摘要的公告
年度报 已披露
600000	上海证券股份有限公司
2022.04 关于公司2021年度报告 年度报 已披露
600000	上海证券股份有限公司
2022.04 关于公司2021年度报告 年度报 已披露
600000	上海证券股份有限公司
2022.04 关于公司2021年度报告摘要的公告
年度报 已披露
600000	上海证券股份有限公司
2022.04 关于公司2021年度报告 年度报 已披露
600000	上海证券股份有限公司
2022.04 关于公司2021年度报告摘要的公告
年度报 已披露
600000	上海证券股份有限公司
2022.04 关于公司2021年度报告摘要的公告
年度报 已披露
600000	上海证券股份有限公司
2022.04 关于公司2021年度报告 年度报 已披露
600000	上海证券股份有限公司
2022.04 关于公司2021年度报告 年度报 已披露
600000	上海证券股份有限公司
2022.04 关于公司2021年度报告摘要的公告
年度报 已披露
600000	上海证券股份有限公司
2022.04 关于公司2021年度报告摘要的公告
年度报 已披露
600000	上海证券股份有限公司
2022.04 关于公司2021年度报告 年度报 已披露
600000	上海证券股份有限公司
2022.04 关于公司2021年度报告摘要的公告
年度报 已披露
600000	上海证券股份有限公司
2022.04 关于公司2021年度报告 年度报 已披露
600000	上海证券股份有限公司
2022.04 关于公司2021年度报告 年度报 已披露
600000	上海证券股份有限公司
2022.04 关于公司2021年度报告摘要的公告
年度报 已披露
600000	上海证券股份有限公司
2022.04 关于公司2021年度报告 年度报 已披露
600000	上海证券股份有限公司
2022.04 关于公司2021年度报告 年度报 已披露
600000	上海证券股份有限公司
2022.04 关于公司2021年度报告摘要的公告
年度报 已披露
600000	上海证券股份有限公司
2022.04 关于公司2021年度报告 年度报 已披露
600000	上海证券股份有限公司
2022.04 关于公司2021年度报告摘要的公告
年度报 已披露
600000	上海证券股份有限公司
2022.04 关于公司2021年度报告摘要的公告
年度报 已披露
600000	上海证券股份有限公司
2022.04 关于公司2021年度报告 年度报 已披露
600000	上海证券股份有限公司
2022.04 关于公司2021年度报告 年度报 已披露
600000	上海证券股份有限公司
2022.04 关于公司2021年度报告摘要的公告
年度报 已披露
600000	上海证券股份有限公司
2022.04 关于公司2021年度报告摘要的公告
年度报 已披露
600000	上海证券股份有限公司
2022.04 关于公司2021年度报告 年度报 已披露
600000	上海证券股份有限公司
2022.04 关于公司2021年度报告摘要的公告
年度报 已披露
600000	上海证券股份有限公司
2022.04 关于公司2021年度报告 年度报 已披露
600000	上海证券股份有限公司
2022.04 关于公司2021年度报告 年度报 已披露
600000	上海证券股份有限公司
2022.04 关于公司2021年度报告摘要的公告
年度报 已披露
600000	上海证券股份有限公司
2022.04 关于公司2021年度报告 年度报 已披露
600000	上海证券股份有限公司
2022.04 关于公司2021年度报告 年度报 已披露
600000	上海证券股份有限公司
2022.04 关于公司2021年度报告 年度报 已披露
600000	上海证券股份有限公司
2022.04 关于公司2021年度报告摘要的公告
年度报 已披露
600000	上海证券股份有限公司
2022.04 关于公司2021年度报告 年度报 已披露
600000	上海证券股份有限公司
2022.04 关于公司2021年度报告摘要的公告
年度报 已披露
600000	上海证券股份有限公司
2022.04 关于公司2021年度报告摘要的公告
年度报 已披露
600000	上海证券股份有限公司
2022.04 关于公司2021年度报告 年度报 已披露
600000	上海证券股份有限公司
2022.04 关于公司2021年度报告 年度报 已披露
600000	上海证券股份有限公司
2022.04 关于公司2021年度报告摘要的公告
年度报 已披露
600000	上海证券股份有限公司
2022.04 关于公司2021年度报告摘要的公告
年度报 已披露
600000	上海证券股份有限公司
2022.04 关于公司2021年度报告 年度报 已披露
600000	上海证券股份有限公司
2022.04 关于公司2021年度报告摘要的公告
年度报 已披露
600000	上海证券股份有限公司
2022.04 关于公司2021年度报告 年度报 已披露
600000	上海证券股份有限公司
2022.04 关于公司2021年度报告 年度报 已披露
600000	上海证券股份有限公司
2022.04 关于公司2021年度报告摘要的公告
年度报 已披露
600000	上海证券股份有限公司
2022.04 关于公司2021年度报告 年度报 已披露
600000	上海证券股份有限公司
2022.04 关于公司2021年度报告 年度报 已披露
600000	上海证券股份有限公司
2022.04 关于公司2021年度报告摘要的公告
年度报 已披露
600000	上海证券股份有限公司
2022.04 关于公司2021年度报告 年度报 已披露
600000	上海证券股份有限公司
2022.04 关于公司2021年度报告摘要的公告
年度报 已披露
600000	上海证券股份有限公司
2022.04 关于公司2021年度报告摘要的公告
年度报 已披露
600000	上海证券股份有限公司
2022.04 关于公司2021年度报告 年度报 已披露
600000	上海证券股份有限公司
2022.04 关于公司2021年度报告 年度报 已披露
600000	上海证券股份有限公司
2022.04 关于公司2021年度报告摘要的公告
年度报 已披露
600000	上海证券股份有限公司
2022.04 关于公司2021年度报告摘要的公告
年度报 已披露
600000	上海证券股份有限公司
2022.04 关于公司2021年度报告 年度报 已披露
600000	上海证券股份有限公司
2022.04 关于公司2021年度报告摘要的公告
年度报 已披露
600000	上海证券股份有限公司
2022.04 关于公司2021年度报告 年度报 已披露
600000	上海证券股份有限公司
2022.04 关于公司2021年度报告 年度报 已披露
600000	上海证券股份有限公司
2022.04 关于公司2021年度报告摘要的公告
年度报 已披露
600000	上海证券股份有限公司
2022.04 关于公司2021年度报告 年度报 已披露
600000	上海证券股份有限公司
2022.04 关于公司2021年度报告 年度报 已披露
600000	上海证券股份有限公司
2022.04 关于公司2021年度报告摘要的公告
年度报 已披露
600000	上海证券股份有限公司
2022.04 关于公司2021年度报告 年度报 已披露
600000	上海证券股份有限公司
2022.04 关于公司2021年度报告摘要的公告
年度报 已披露
600000	上海证券股份有限公司
2022.04 关于公司2021年度报告摘要的公告
年度报 已披露
600000	上海证券股份有限公司
2022.04 关于公司2021年度报告 年度报 已披露
600000	上海证券股份有限公司
2022.04 关于公司2021年度报告 年度报 已披露
600000	上海证券股份有限公司
2022.04 关于公司2021年度报告摘要的公告
年度报 已披露
600000	上海证券股份有限公司
2022.04 关于公司2021年度报告摘要的公告
年度报 已披露
600000	上海证券股份有限公司
2022.04 关于公司2021年度报告 年度报 已披露
600000	上海证券股份有限公司
2022.04 关于公司2021年度报告摘要的公告
年度报 已披露
600000	上海证券股份有限公司
2022.04 关于公司2021年度报告 年度报 已披露
600000	上海证券股份有限公司
2022.04 关于公司2021年度报告 年度报 已披露
600000	上海证券股份有限公司
2022.04 关于公司2021年度报告摘要的公告
年度报 已披露
600000	上海证券股份有限公司
2022.04 关于公司2021年度报告 年度报 已披露
600000	上海证券股份有限公司
2022.04 关于公司2021年度报告 年度报 已披露
600000	上海证券股份有限公司
2022.04 关于公司2021年度报告摘要的公告
年度报 已披露
600000	上海证券股份有限公司
2022.04 关于公司2021年度报告 年度报 已披露
600000	上海证券股份有限公司
2022.04 关于公司2021年度报告摘要的公告
年度报 已披露
600000	上海证券股份有限公司
2022.04 关于公司2021年度报告摘要的公告
年度报 已披露
600000	上海证券股份有限公司
2022.04 关于公司2021年度报告 年度报 已披露
600000	上海证券股份有限公司
2022.04 关于公司2021年度报告 年度报 已披露
600000	上海证券股份有限公司
2022.04 关于公司2021年度报告摘要的公告
年度报 已披露
600000	上海证券股份有限公司
2022.04 关于公司2021年度报告摘要的公告
年度报 已披露
600000	上海证券股份有限公司
2022.04 关于公司2021年度报告 年度报 已披露
600000	上海证券股份有限公司
2022.04 关于公司2021年度报告摘要的公告
年度报 已披露
600000	上海证券股份有限公司
2022.04 关于公司2021年度报告 年度报 已披露
600000	上海证券股份有限公司
2022.04 关于公司2021年度报告 年度报 已披露
600000	上海证券股份有限公司
2022.04 关于公司2021年度报告摘要的公告
年度报 已披露
600000	上海证券股份有限公司
2022.04 关于公司2021年度报告 年度报 已披露
600000	上海证券股份有限公司
2022.04 关于公司2021年度报告 年度报 已披露
600000	上海证券股份有限公司
2022.04 关于公司2021年度报告摘要的公告
年度报 已披露
600000	上海证券股份有限公司
2022.04 关于公司2021年度报告 年度报 已披露
600000	上海证券股份有限公司
2022.04 关于公司2021年度报告摘要的公告
年度报 已披露
600000	上海证券股份有限公司
2022.04 关于公司2021年度报告摘要的公告
年度报 已披露
600000	上海证券股份有限公司
2022.04 关于公司2021年度报告 年度报 已披露
600000	上海证券股份有限公司
2022.04 关于公司2021年度报告 年度报 已披露
600000	上海证券股份有限公司
2022.04 关于公司2021年度报告摘要的公告
年度报 已披露
600000	上海证券股份有限公司
2022.04 关于公司2021年度报告摘要的公告
年度报 已披露
600000	上海证券股份有限公司
2022.04 关于公司2021年度报告 年度报 已披露
600000	上海证券股份有限公司
2022.04 关于公司2021年度报告摘要的公告
年度报 已披露
600000	上海证券股份有限公司
2022.04 关于公司2021年度报告 年度报 已披露
600000	上海证券股份有限公司
2022.04 关于公司2021年度报告 年度报 已披露
600000	上海证券股份有限公司
2022.04 关于公司2021年度报告摘要的公告
年度报 已披露
600000	上海证券股份有限公司
2022.04 关于公司2021年度报告 年度报 已披露
600000	上海证券股份有限公司
2022.04 关于公司2021年度报告 年度报 已披露
600000	上海证券股份有限公司
2022.04 关于公司2021年度报告摘要的公告
年度报 已披露
600000	上海证券股份有限公司
2022.04 关于公司2021年度报告 年度报 已披露
600000	上海证券股份有限公司
2022.04 关于公司2021年度报告摘要的公告
年度报 已披露
600000	上海证券股份有限公司
2022.04 关于公司2021年度报告摘要的公告
年度报 已披露
600000	上海证券股份有限公司
2022.04 关于公司2021年度报告 年度报 已披露
600000	上海证券股份有限公司
2022.04 关于公司2021年度报告 年度报 已披露
600000	上海证券股份有限公司
2022.04 关于公司2021年度报告摘要的公告
年度报 已披露
600000	上海证券股份有限公司
2022.04 关于公司2021年度报告摘要的公告
年度报 已披露
600000	上海证券股份有限公司
2022.04 关于公司2021年度报告 年度报 已披露
600000	上海证券股份有限公司
2022.04 关于公司2021年度报告摘要的公告
年度报 已披露
600000	上海证券股份有限公司
2022.04 关于公司2021年度报告 年度报 已披露
600000	上海证券股份有限公司
2022.04 关于公司2021年度报告 年度报 已披露
600000	上海证券股份有限公司
2022.04 关于公司2021年度报告摘要的公告
年度报 已披露
600000	上海证券股份有限公司
2022.04 关于公司2021年度报告 年度报 已披露
600000	上海证券股份有限公司
2022.04 关于公司2021年度报告 年度报 已披露
600000	上海证券股份有限公司
2022.04 关于公司2021年度报告摘要的公告
年度报 已披露
600000	上海证券股份有限公司
2022.04 关于公司2021年度报告 年度报 已披露
600000	上海证券股份有限公司
2022.04 关于公司2021年度报告摘要的公告
年度报 已披露
600000	上海证券股份有限公司
2022.04 关于公司2021年度报告摘要的公告
年度报 已披露
600000	上海证券股份有限公司
2022.04 关于公司2021年度报告 年度报 已披露
600000	上海证券股份有限公司
2022.04 关于公司2021年度报告 年度报 已披露
600000	上海证券股份有限公司
2022.04 关于公司2021年度报告摘要的公告
年度报 已披露
600000	上海证券股份有限公司
2022.04 关于公司2021年度报告摘要的公告
年度报 已披露
600000	上海证券股份有限公司
2022.04 关于公司2021年度报告 年度报 已披露
600000	上海证券股份有限公司
2022.04 关于公司2021年度报告摘要的公告
年度报 已披露
600000	上海证券股份有限公司
2022.04 关于公司2021年度报告 年度报 已披露
600000	上海证券股份有限公司
2022.04 关于公司2021年度报告 年度报 已披露
600000	上海证券股份有限公司
2022.04 关于公司2021年度报告摘要的公告
年度报 已披露
600000	上海证券股份有限公司
2022.04 关于公司2021年度报告 年度报 已披露
600000	上海证券股份有限公司
2022.04 关于公司2021年度报告 年度报 已披露
600000	上海证券股份有限公司
2022.04 关于公司2021年度报告摘要的公告
年度报 已披露
600000	上海证券股份有限公司
2022.04 关于公司2021年度报告 年度报 已披露
600000	上海证券股份有限公司
2022.04 关于公司2021年度报告摘要的公告
年度报 已披露
600000	上海证券股份有限公司
2022.04 关于公司2021年度报告摘要的公告
年度报 已披露
600000	上海证券股份有限公司
2022.04 关于公司2021年度报告 年度报 已披露
600000	上海证券股份有限公司
2022.04 关于公司2021年度报告 年度报 已披露
600000	上海证券股份有限公司
2022.04 关于公司2021年度报告摘要的公告
年度报 已披露
600000	上海证券股份有限公司
2022.04 关于公司2021年度报告摘要的公告
年度报 已披露
600000	上海证券股份有限公司
2022.04 关于公司2021年度报告 年度报 已披露
600000	上海证券股份有限公司
2022.04 关于公司2021年度报告摘要的公告
年度报 已披露
600000	上海证券股份有限公司
2022.04 关于公司2021年度报告 年度报 已披露
600000	上海证券股份有限公司
2022.04 关于公司2021年度报告 年度报 已披露
600000	上海证券股份有限公司
2022.04 关于公司2021年度报告摘要的公告
年度报 已披露
600000	上海证券股份有限公司
2022.04 关于公司2021年度报告 年度报 已披露
600000	上海证券股份有限公司
2022.04 关于公司2021年度报告 年度报 已披露
600000	上海证券股份有限公司
2022.04 关于公司2021年度报告摘要的公告
年度报 已披露
600000	上海证券股份有限公司
2022.04 关于公司2021年度报告 年度报 已披露
600000	上海证券股份有限公司
2022.04 关于公司2021年度报告摘要的公告
年度报 已披露
600000	上海证券股份有限公司
2022.04 关于公司2021年度报告摘要的公告
年度报 已披露
600000	上海证券股份有限公司
2022.04 关于公司2021年度报告 年度报 已披露
600000	上海证券股份有限公司
2022.04 关于公司2021年度报告 年度报 已披露
600000	上海证券股份有限公司
2022.04 关于公司2021年度报告摘要的公告
年度报 已披露
600000	上海证券股份有限公司
2022.04 关于公司2021年度报告摘要的公告
年度报 已披露
600000	上海证券股份有限公司
2022.04 关于公司2021年度报告 年度报 已披露
600000	上海证券股份有限公司
2022.04 关于公司2021年度报告摘要的公告
年度报 已披露
600000	上海证券股份有限公司
2022.04 关于公司2021年度报告 年度报 已披露
600000	上海证券股份有限公司
2022.04 关于公司2021年度报告 年度报 已披露
600000	上海证券股份有限公司
2022.04 关于公司2021年度报告摘要的公告
年度报 已披露
600000	上海证券股份有限公司
2022.04 关于公司2021年度报告 年度报 已披露
600000	上海证券股份有限公司
2022.04 关于公司2021年度报告 年度报 已披露
600000	上海证券股份有限公司
2022.04 关于公司2021年度报	年度报 已披露
600000	上海证券股份有限公司
2022.04
600000	上海证券股份有限公司
2022.04	（下转A47版）
